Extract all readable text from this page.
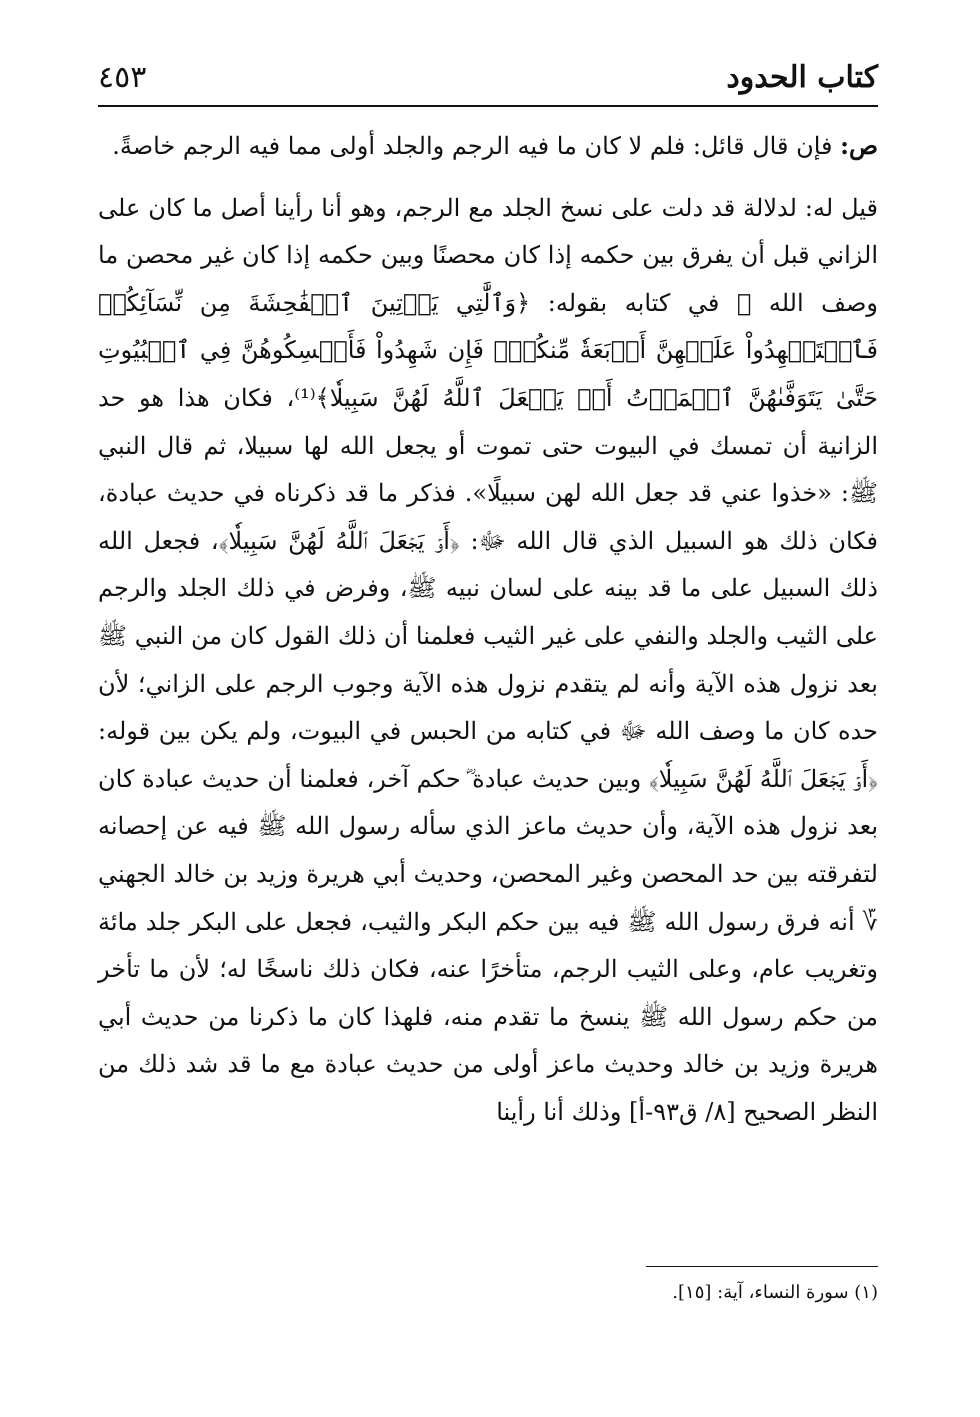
كتاب الحدود
٤٥٣

ص: فإن قال قائل: فلم لا كان ما فيه الرجم والجلد أولى مما فيه الرجم خاصةً.

قيل له: لدلالة قد دلت على نسخ الجلد مع الرجم، وهو أنا رأينا أصل ما كان على الزاني قبل أن يفرق بين حكمه إذا كان محصنًا وبين حكمه إذا كان غير محصن ما وصف الله ﷻ في كتابه بقوله: ﴿وَٱلَّٰتِي يَأۡتِينَ ٱلۡفَٰحِشَةَ مِن نِّسَآئِكُمۡ فَٱسۡتَشۡهِدُواْ عَلَيۡهِنَّ أَرۡبَعَةٗ مِّنكُمۡۖ فَإِن شَهِدُواْ فَأَمۡسِكُوهُنَّ فِي ٱلۡبُيُوتِ حَتَّىٰ يَتَوَفَّىٰهُنَّ ٱلۡمَوۡتُ أَوۡ يَجۡعَلَ ٱللَّهُ لَهُنَّ سَبِيلٗا﴾⁽¹⁾، فكان هذا هو حد الزانية أن تمسك في البيوت حتى تموت أو يجعل الله لها سبيلا، ثم قال النبي ﷺ: «خذوا عني قد جعل الله لهن سبيلًا». فذكر ما قد ذكرناه في حديث عبادة، فكان ذلك هو السبيل الذي قال الله ﷻ: ﴿أَوۡ يَجۡعَلَ ٱللَّهُ لَهُنَّ سَبِيلٗا﴾، فجعل الله ذلك السبيل على ما قد بينه على لسان نبيه ﷺ، وفرض في ذلك الجلد والرجم على الثيب والجلد والنفي على غير الثيب فعلمنا أن ذلك القول كان من النبي ﷺ بعد نزول هذه الآية وأنه لم يتقدم نزول هذه الآية وجوب الرجم على الزاني؛ لأن حده كان ما وصف الله ﷻ في كتابه من الحبس في البيوت، ولم يكن بين قوله: ﴿أَوۡ يَجۡعَلَ ٱللَّهُ لَهُنَّ سَبِيلٗا﴾ وبين حديث عبادة ؓ حكم آخر، فعلمنا أن حديث عبادة كان بعد نزول هذه الآية، وأن حديث ماعز الذي سأله رسول الله ﷺ فيه عن إحصانه لتفرقته بين حد المحصن وغير المحصن، وحديث أبي هريرة وزيد بن خالد الجهني ؆ أنه فرق رسول الله ﷺ فيه بين حكم البكر والثيب، فجعل على البكر جلد مائة وتغريب عام، وعلى الثيب الرجم، متأخرًا عنه، فكان ذلك ناسخًا له؛ لأن ما تأخر من حكم رسول الله ﷺ ينسخ ما تقدم منه، فلهذا كان ما ذكرنا من حديث أبي هريرة وزيد بن خالد وحديث ماعز أولى من حديث عبادة مع ما قد شد ذلك من النظر الصحيح [٨/ ق٩٣-أ] وذلك أنا رأينا

(١) سورة النساء، آية: [١٥].
